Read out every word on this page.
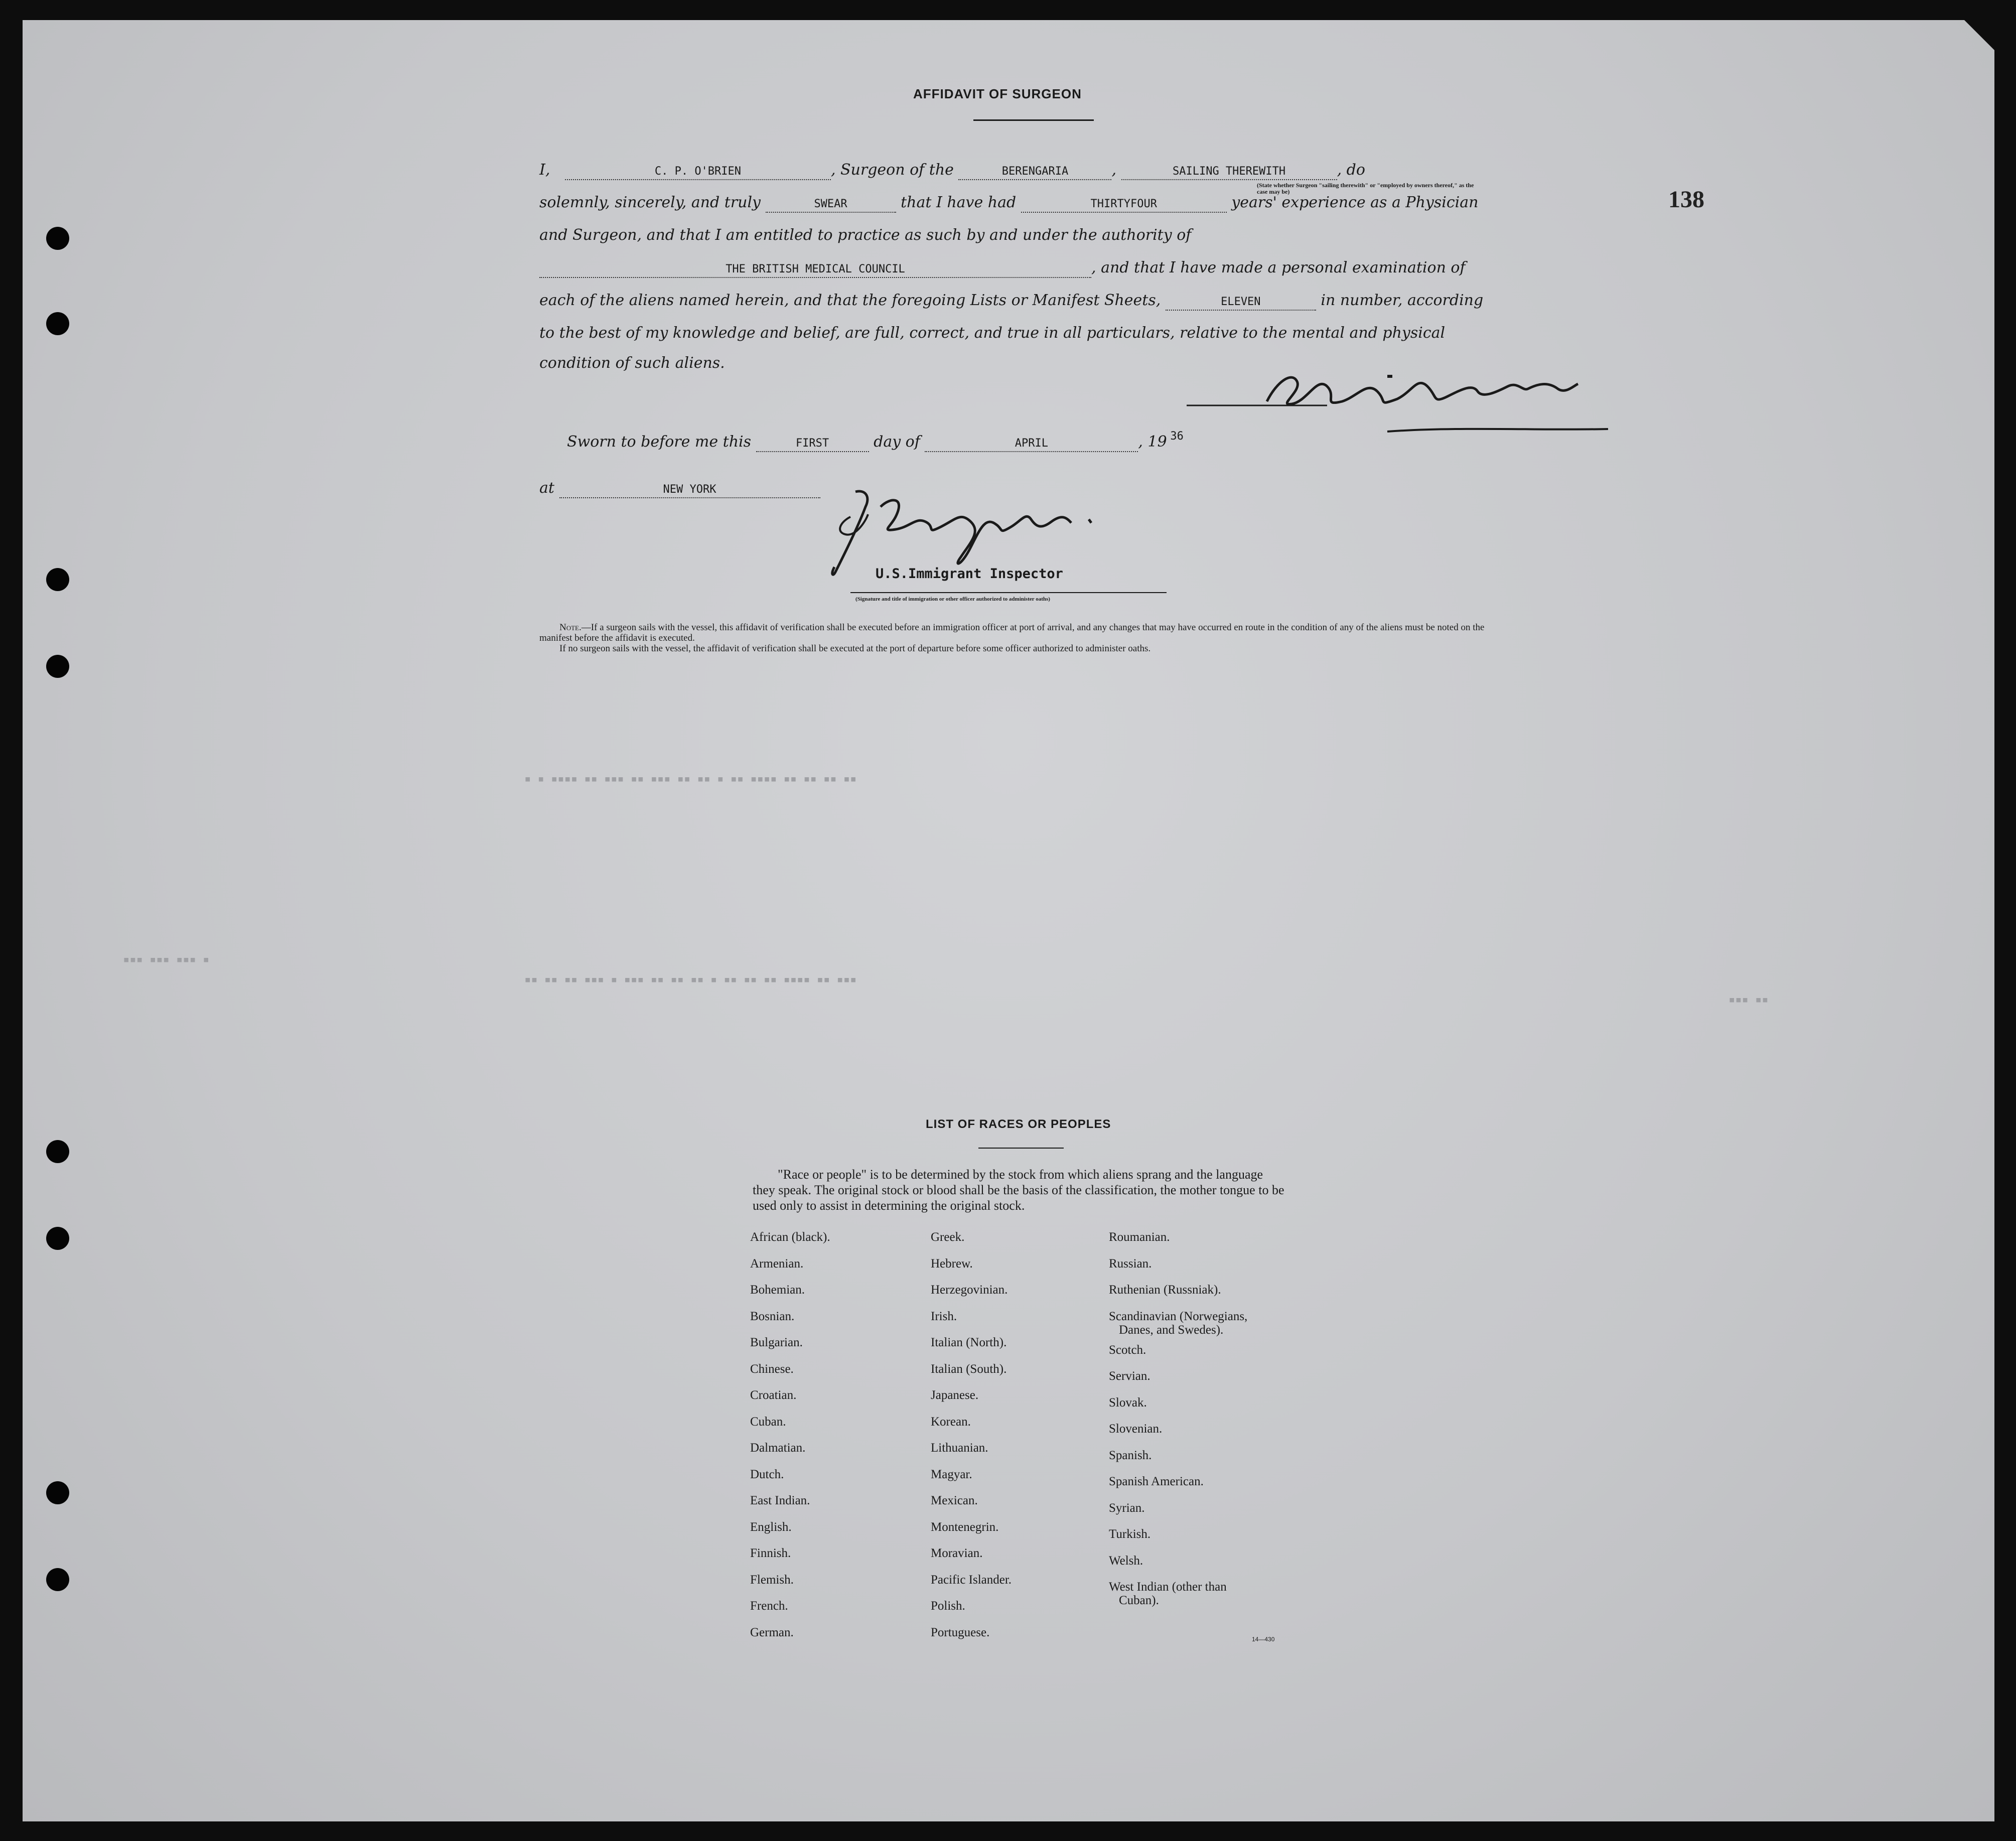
138
▪ ▪ ▪▪▪▪ ▪▪ ▪▪▪ ▪▪ ▪▪▪ ▪▪ ▪▪ ▪ ▪▪ ▪▪▪▪ ▪▪ ▪▪ ▪▪ ▪▪
▪▪ ▪▪ ▪▪ ▪▪▪ ▪ ▪▪▪ ▪▪ ▪▪ ▪▪ ▪ ▪▪ ▪▪ ▪▪ ▪▪▪▪ ▪▪ ▪▪▪
▪▪▪ ▪▪▪ ▪▪▪ ▪
▪▪▪ ▪▪
AFFIDAVIT OF SURGEON
I,	C. P. O'BRIEN	, Surgeon of the	BERENGARIA	,	SAILING THEREWITH	, do
(State whether Surgeon "sailing therewith" or "employed by owners thereof," as the case may be)
solemnly, sincerely, and truly	SWEAR	that I have had	THIRTYFOUR	years' experience as a Physician
and Surgeon, and that I am entitled to practice as such by and under the authority of
THE BRITISH MEDICAL COUNCIL	, and that I have made a personal examination of
each of the aliens named herein, and that the foregoing Lists or Manifest Sheets,	ELEVEN	in number, according
to the best of my knowledge and belief, are full, correct, and true in all particulars, relative to the mental and physical
condition of such aliens.
Sworn to before me this	FIRST	day of	APRIL	, 19 36
at	NEW YORK
U.S.Immigrant Inspector
(Signature and title of immigration or other officer authorized to administer oaths)
Note.—If a surgeon sails with the vessel, this affidavit of verification shall be executed before an immigration officer at port of arrival, and any changes that may have occurred en route in the condition of any of the aliens must be noted on the manifest before the affidavit is executed.
If no surgeon sails with the vessel, the affidavit of verification shall be executed at the port of departure before some officer authorized to administer oaths.
LIST OF RACES OR PEOPLES
"Race or people" is to be determined by the stock from which aliens sprang and the language they speak. The original stock or blood shall be the basis of the classification, the mother tongue to be used only to assist in determining the original stock.
African (black).
Armenian.
Bohemian.
Bosnian.
Bulgarian.
Chinese.
Croatian.
Cuban.
Dalmatian.
Dutch.
East Indian.
English.
Finnish.
Flemish.
French.
German.
Greek.
Hebrew.
Herzegovinian.
Irish.
Italian (North).
Italian (South).
Japanese.
Korean.
Lithuanian.
Magyar.
Mexican.
Montenegrin.
Moravian.
Pacific Islander.
Polish.
Portuguese.
Roumanian.
Russian.
Ruthenian (Russniak).
Scandinavian (Norwegians,
Danes, and Swedes).
Scotch.
Servian.
Slovak.
Slovenian.
Spanish.
Spanish American.
Syrian.
Turkish.
Welsh.
West Indian (other than
Cuban).
14—430
